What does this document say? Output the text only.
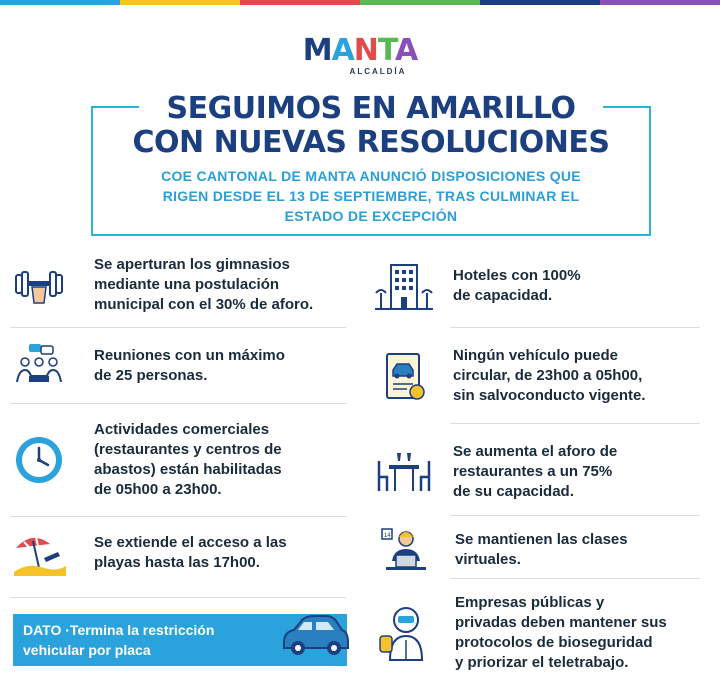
MANTA
ALCALDÍA
SEGUIMOS EN AMARILLO
CON NUEVAS RESOLUCIONES
COE CANTONAL DE MANTA ANUNCIÓ DISPOSICIONES QUE
RIGEN DESDE EL 13 DE SEPTIEMBRE, TRAS CULMINAR EL
ESTADO DE EXCEPCIÓN
Se aperturan los gimnasios
mediante una postulación
municipal con el 30% de aforo.
Reuniones con un máximo
de 25 personas.
Actividades comerciales
(restaurantes y centros de
abastos) están habilitadas
de 05h00 a 23h00.
Se extiende el acceso a las
playas hasta las 17h00.
DATO ·Termina la restricción
vehicular por placa
Hoteles con 100%
de capacidad.
Ningún vehículo puede
circular, de 23h00 a 05h00,
sin salvoconducto vigente.
Se aumenta el aforo de
restaurantes a un 75%
de su capacidad.
14	Se mantienen las clases
virtuales.
Empresas públicas y
privadas deben mantener sus
protocolos de bioseguridad
y priorizar el teletrabajo.
